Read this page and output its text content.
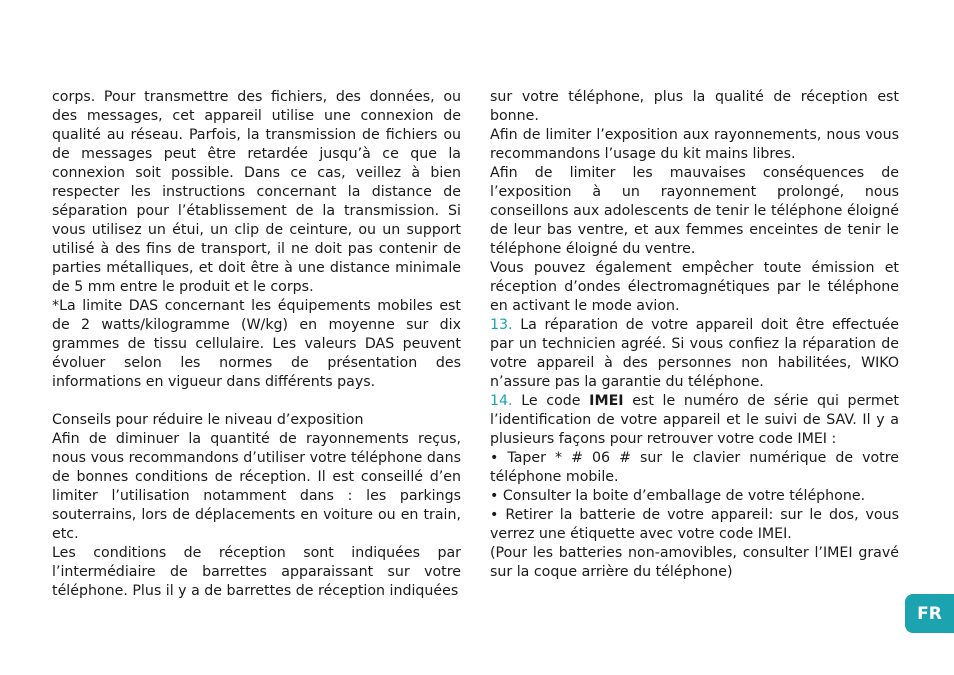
corps. Pour transmettre des fichiers, des données, ou des messages, cet appareil utilise une connexion de qualité au réseau. Parfois, la transmission de fichiers ou de messages peut être retardée jusqu’à ce que la connexion soit possible. Dans ce cas, veillez à bien respecter les instructions concernant la distance de séparation pour l’établissement de la transmission. Si vous utilisez un étui, un clip de ceinture, ou un support utilisé à des fins de transport, il ne doit pas contenir de parties métalliques, et doit être à une distance minimale de 5 mm entre le produit et le corps.

*La limite DAS concernant les équipements mobiles est de 2 watts/kilogramme (W/kg) en moyenne sur dix grammes de tissu cellulaire. Les valeurs DAS peuvent évoluer selon les normes de présentation des informations en vigueur dans différents pays.

Conseils pour réduire le niveau d’exposition

Afin de diminuer la quantité de rayonnements reçus, nous vous recommandons d’utiliser votre téléphone dans de bonnes conditions de réception. Il est conseillé d’en limiter l’utilisation notamment dans : les parkings souterrains, lors de déplacements en voiture ou en train, etc.

Les conditions de réception sont indiquées par l’intermédiaire de barrettes apparaissant sur votre téléphone. Plus il y a de barrettes de réception indiquées

sur votre téléphone, plus la qualité de réception est bonne.

Afin de limiter l’exposition aux rayonnements, nous vous recommandons l’usage du kit mains libres.

Afin de limiter les mauvaises conséquences de l’exposition à un rayonnement prolongé, nous conseillons aux adolescents de tenir le téléphone éloigné de leur bas ventre, et aux femmes enceintes de tenir le téléphone éloigné du ventre.

Vous pouvez également empêcher toute émission et réception d’ondes électromagnétiques par le téléphone en activant le mode avion.

13. La réparation de votre appareil doit être effectuée par un technicien agréé. Si vous confiez la réparation de votre appareil à des personnes non habilitées, WIKO n’assure pas la garantie du téléphone.

14. Le code IMEI est le numéro de série qui permet l’identification de votre appareil et le suivi de SAV. Il y a plusieurs façons pour retrouver votre code IMEI :

• Taper * # 06 # sur le clavier numérique de votre téléphone mobile.

• Consulter la boite d’emballage de votre téléphone.

• Retirer la batterie de votre appareil: sur le dos, vous verrez une étiquette avec votre code IMEI.

(Pour les batteries non-amovibles, consulter l’IMEI gravé sur la coque arrière du téléphone)

FR
